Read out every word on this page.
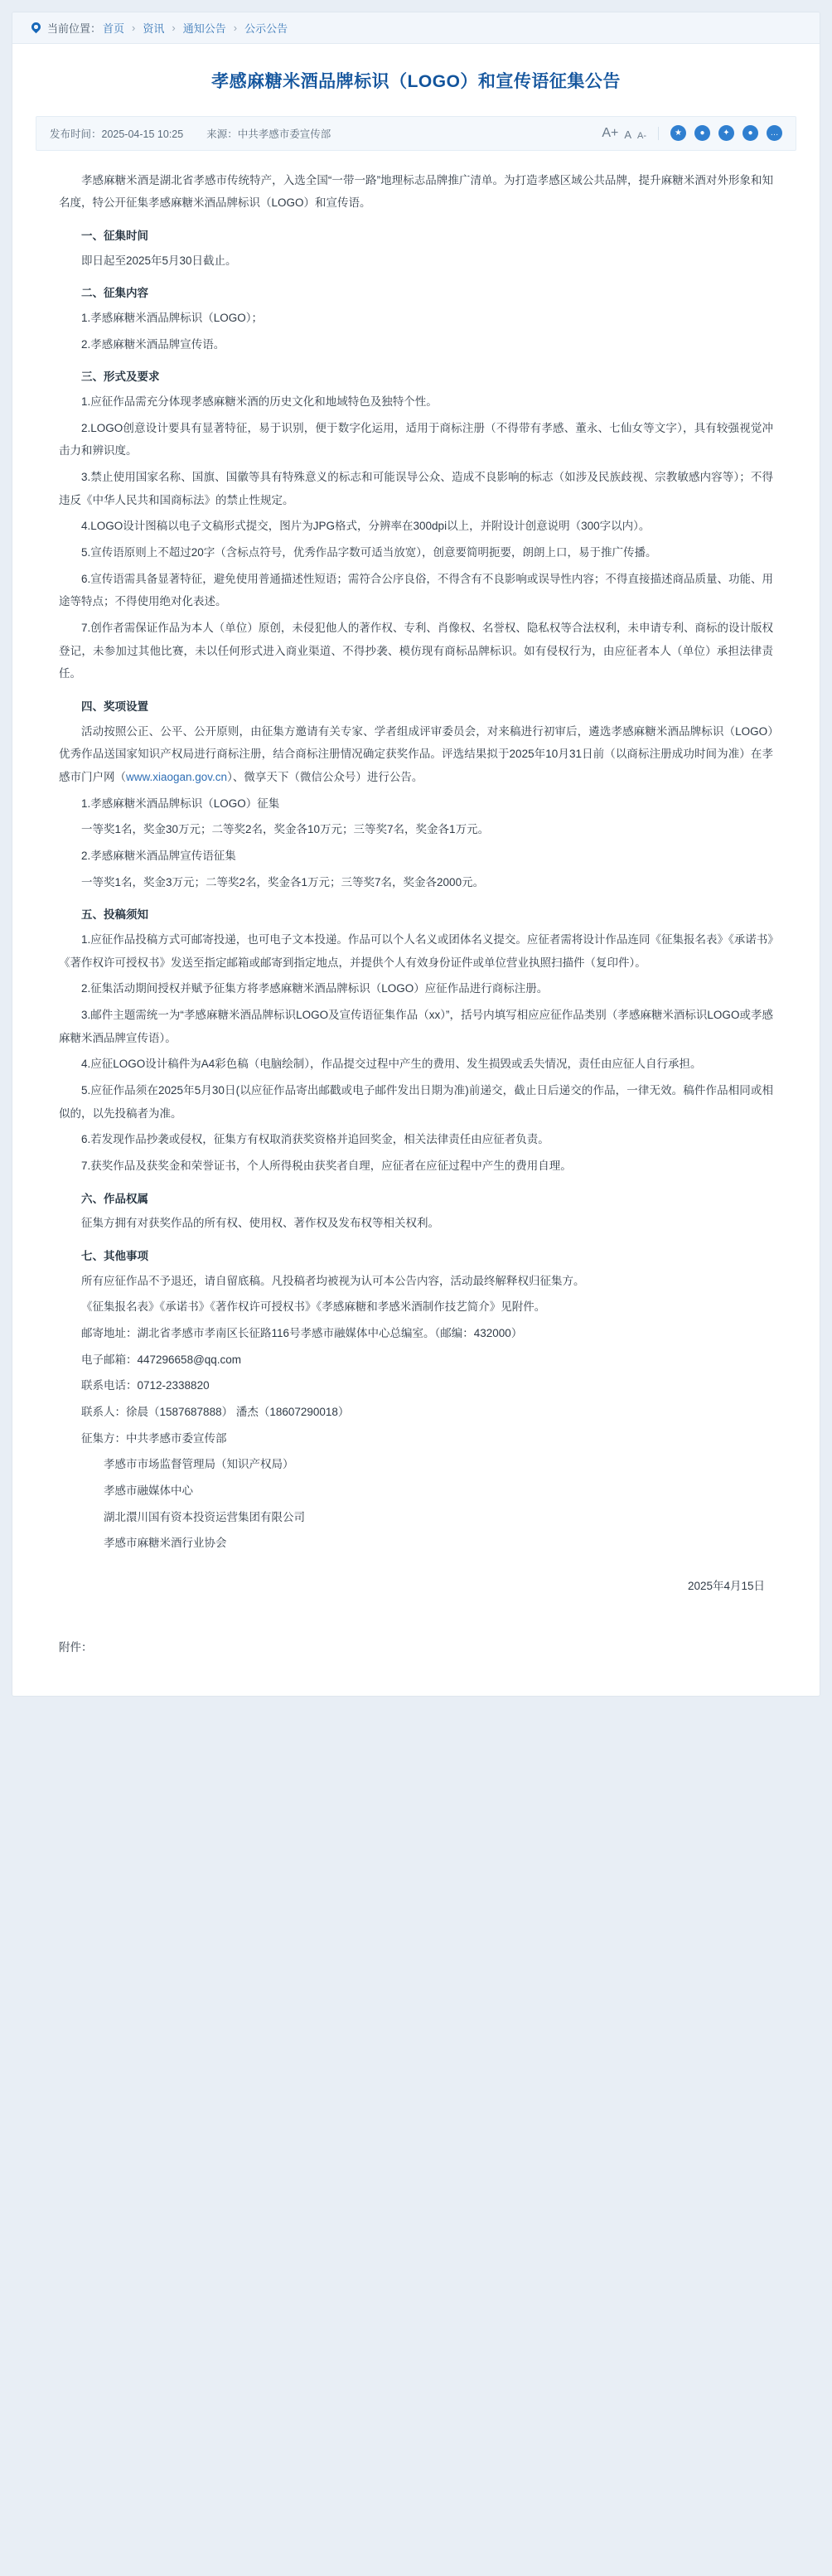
当前位置： 首页 › 资讯 › 通知公告 › 公示公告
孝感麻糖米酒品牌标识（LOGO）和宣传语征集公告
发布时间：2025-04-15 10:25 来源：中共孝感市委宣传部	A+ A A-	★	●	✦	●	…

孝感麻糖米酒是湖北省孝感市传统特产，入选全国“一带一路”地理标志品牌推广清单。为打造孝感区域公共品牌，提升麻糖米酒对外形象和知名度，特公开征集孝感麻糖米酒品牌标识（LOGO）和宣传语。

一、征集时间

即日起至2025年5月30日截止。

二、征集内容

1.孝感麻糖米酒品牌标识（LOGO）；

2.孝感麻糖米酒品牌宣传语。

三、形式及要求

1.应征作品需充分体现孝感麻糖米酒的历史文化和地域特色及独特个性。

2.LOGO创意设计要具有显著特征，易于识别，便于数字化运用，适用于商标注册（不得带有孝感、董永、七仙女等文字），具有较强视觉冲击力和辨识度。

3.禁止使用国家名称、国旗、国徽等具有特殊意义的标志和可能误导公众、造成不良影响的标志（如涉及民族歧视、宗教敏感内容等）；不得违反《中华人民共和国商标法》的禁止性规定。

4.LOGO设计图稿以电子文稿形式提交，图片为JPG格式，分辨率在300dpi以上，并附设计创意说明（300字以内）。

5.宣传语原则上不超过20字（含标点符号，优秀作品字数可适当放宽），创意要简明扼要，朗朗上口，易于推广传播。

6.宣传语需具备显著特征，避免使用普通描述性短语；需符合公序良俗，不得含有不良影响或误导性内容；不得直接描述商品质量、功能、用途等特点；不得使用绝对化表述。

7.创作者需保证作品为本人（单位）原创，未侵犯他人的著作权、专利、肖像权、名誉权、隐私权等合法权利，未申请专利、商标的设计版权登记，未参加过其他比赛，未以任何形式进入商业渠道、不得抄袭、模仿现有商标品牌标识。如有侵权行为，由应征者本人（单位）承担法律责任。

四、奖项设置

活动按照公正、公平、公开原则，由征集方邀请有关专家、学者组成评审委员会，对来稿进行初审后，遴选孝感麻糖米酒品牌标识（LOGO）优秀作品送国家知识产权局进行商标注册，结合商标注册情况确定获奖作品。评选结果拟于2025年10月31日前（以商标注册成功时间为准）在孝感市门户网（www.xiaogan.gov.cn）、微享天下（微信公众号）进行公告。

1.孝感麻糖米酒品牌标识（LOGO）征集

一等奖1名，奖金30万元；二等奖2名，奖金各10万元；三等奖7名，奖金各1万元。

2.孝感麻糖米酒品牌宣传语征集

一等奖1名，奖金3万元；二等奖2名，奖金各1万元；三等奖7名，奖金各2000元。

五、投稿须知

1.应征作品投稿方式可邮寄投递，也可电子文本投递。作品可以个人名义或团体名义提交。应征者需将设计作品连同《征集报名表》《承诺书》《著作权许可授权书》发送至指定邮箱或邮寄到指定地点，并提供个人有效身份证件或单位营业执照扫描件（复印件）。

2.征集活动期间授权并赋予征集方将孝感麻糖米酒品牌标识（LOGO）应征作品进行商标注册。

3.邮件主题需统一为“孝感麻糖米酒品牌标识LOGO及宣传语征集作品（xx）”，括号内填写相应应征作品类别（孝感麻糖米酒标识LOGO或孝感麻糖米酒品牌宣传语）。

4.应征LOGO设计稿件为A4彩色稿（电脑绘制），作品提交过程中产生的费用、发生损毁或丢失情况，责任由应征人自行承担。

5.应征作品须在2025年5月30日(以应征作品寄出邮戳或电子邮件发出日期为准)前递交，截止日后递交的作品，一律无效。稿件作品相同或相似的，以先投稿者为准。

6.若发现作品抄袭或侵权，征集方有权取消获奖资格并追回奖金，相关法律责任由应征者负责。

7.获奖作品及获奖金和荣誉证书，个人所得税由获奖者自理，应征者在应征过程中产生的费用自理。

六、作品权属

征集方拥有对获奖作品的所有权、使用权、著作权及发布权等相关权利。

七、其他事项

所有应征作品不予退还，请自留底稿。凡投稿者均被视为认可本公告内容，活动最终解释权归征集方。

《征集报名表》《承诺书》《著作权许可授权书》《孝感麻糖和孝感米酒制作技艺简介》见附件。

邮寄地址：湖北省孝感市孝南区长征路116号孝感市融媒体中心总编室。（邮编：432000）

电子邮箱：447296658@qq.com

联系电话：0712-2338820

联系人：徐晨（1587687888） 潘杰（18607290018）

征集方：中共孝感市委宣传部

孝感市市场监督管理局（知识产权局）

孝感市融媒体中心

湖北澴川国有资本投资运营集团有限公司

孝感市麻糖米酒行业协会

2025年4月15日

附件：
